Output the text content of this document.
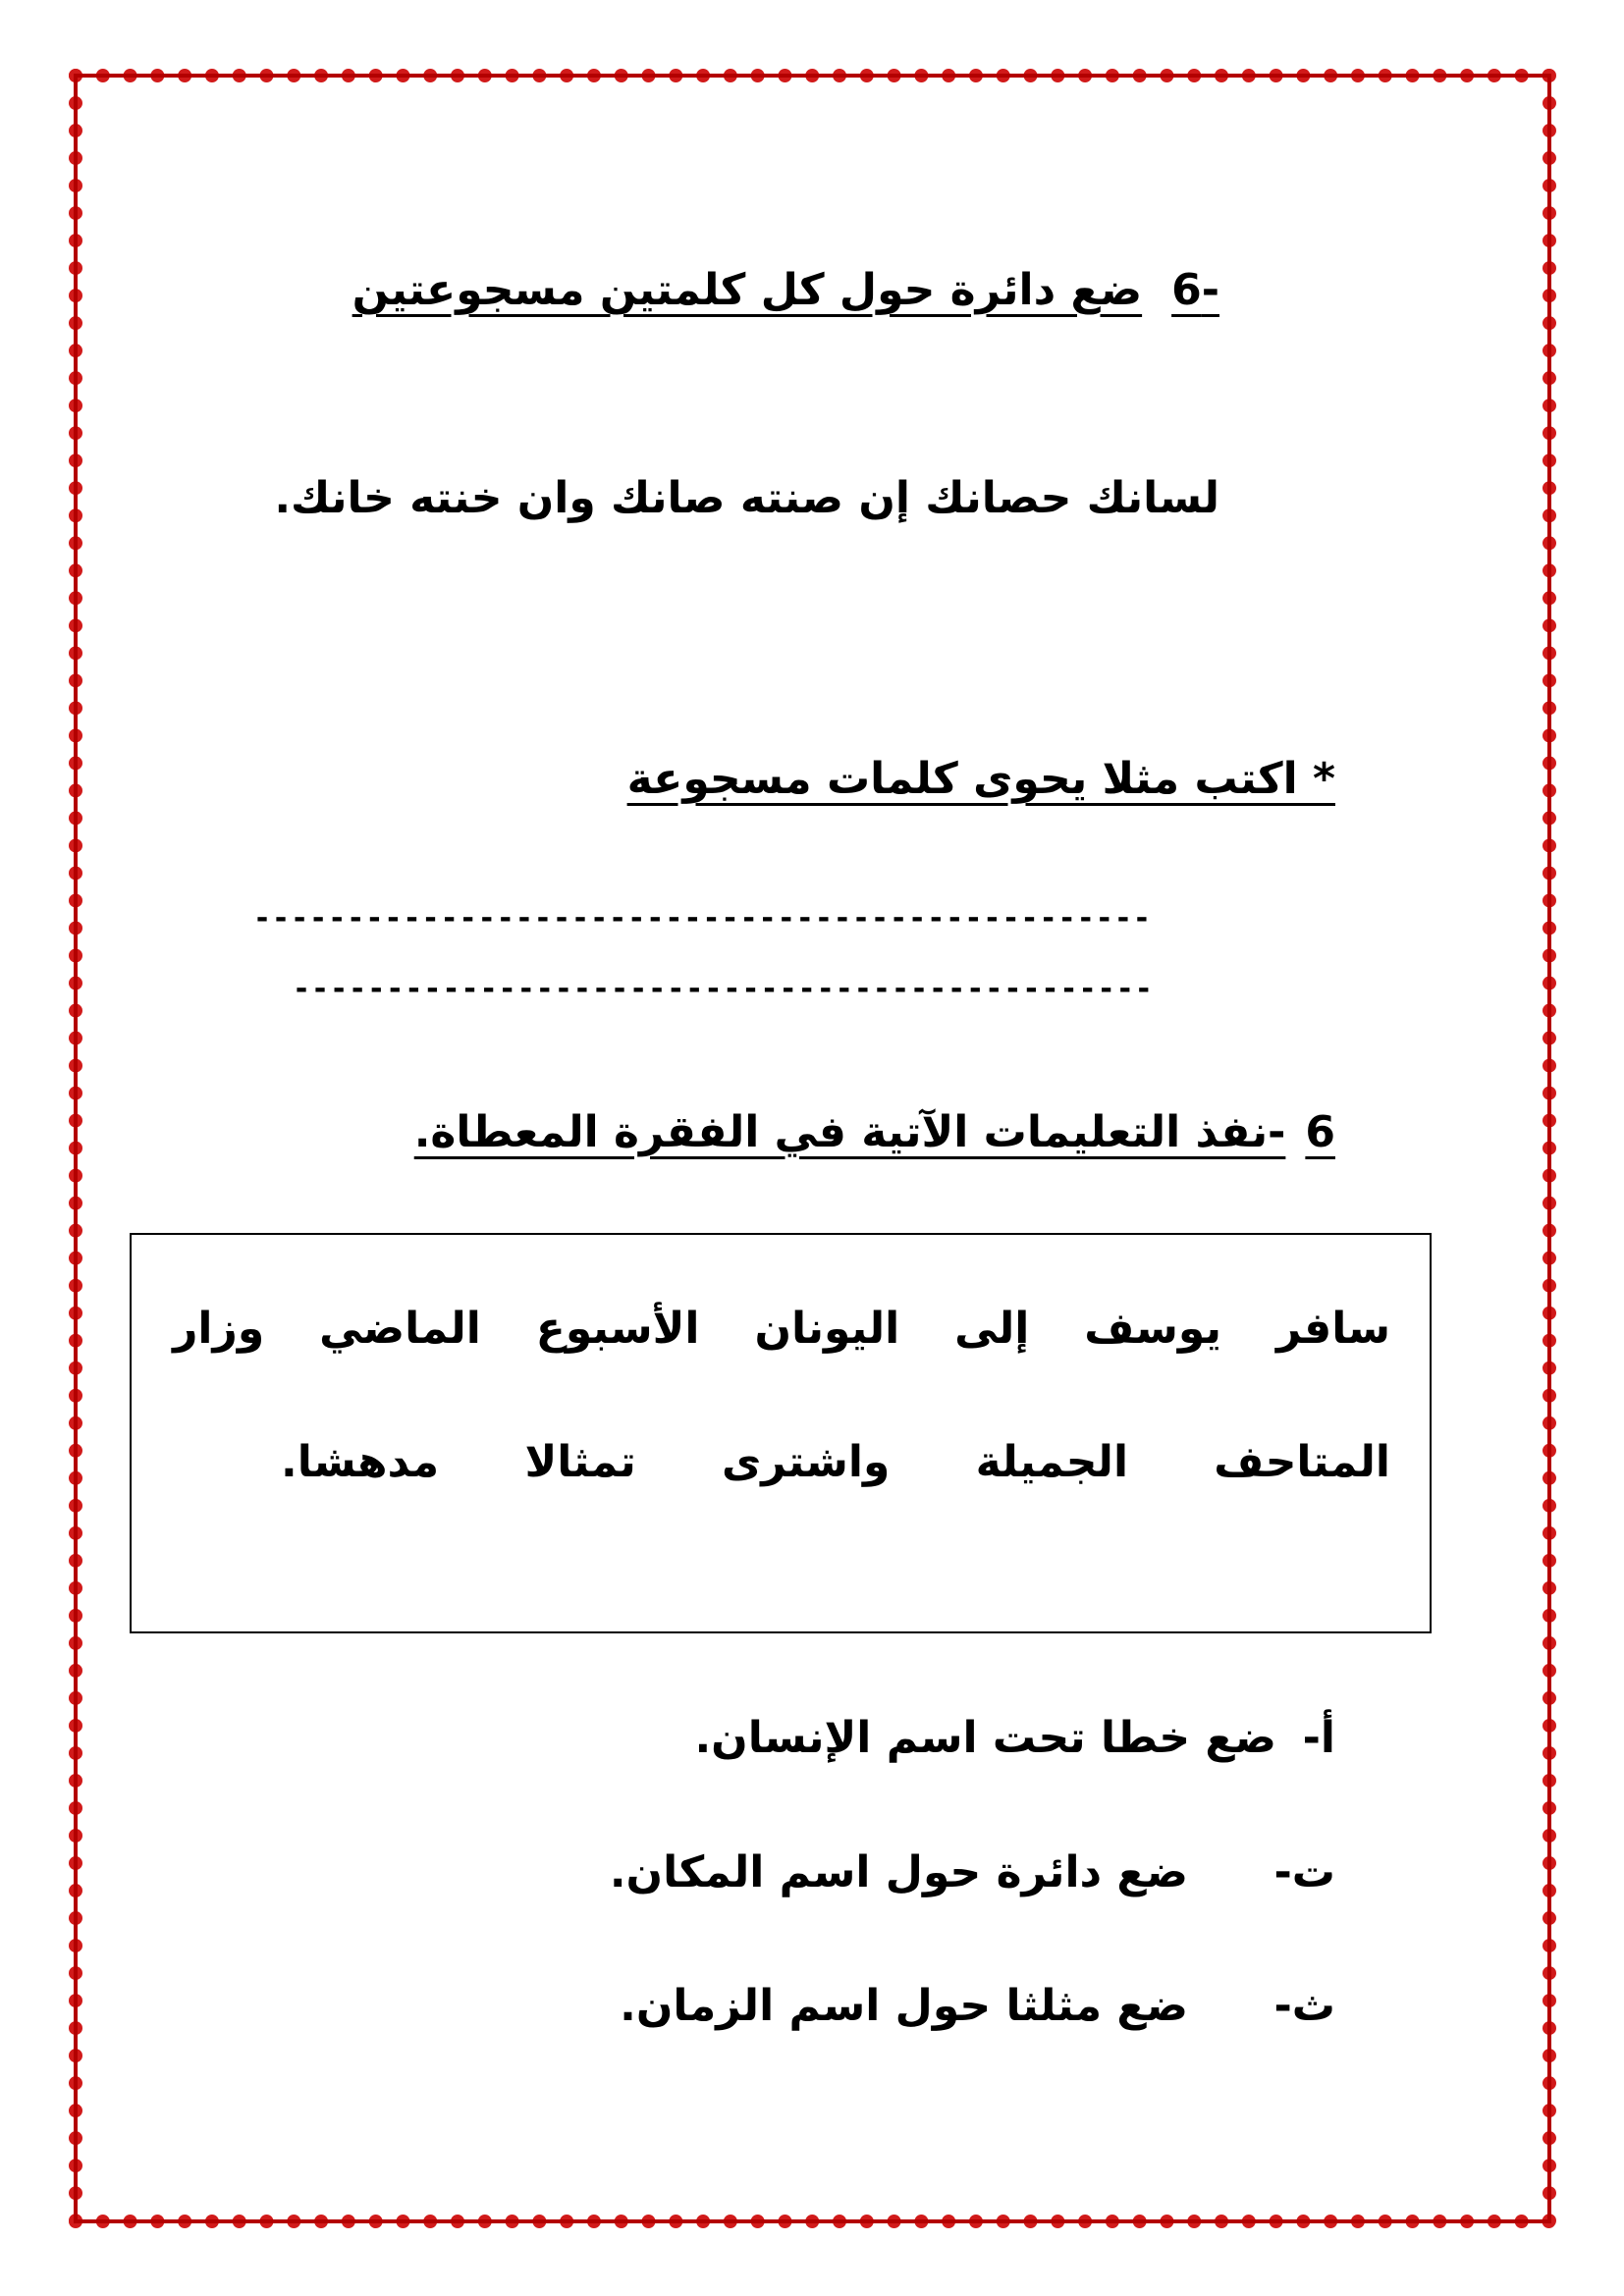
-6ضع دائرة حول كل كلمتين مسجوعتين
لسانك حصانك إن صنته صانك وان خنته خانك.
* اكتب مثلا يحوى كلمات مسجوعة
------------------------------------------------
----------------------------------------------
6-نفذ التعليمات الآتية في الفقرة المعطاة.
سافر
يوسف
إلى
اليونان
الأسبوع
الماضي
وزار
المتاحف
الجميلة
واشترى
تمثالا
مدهشا.
أ-ضع خطا تحت اسم الإنسان.
ت-ضع دائرة حول اسم المكان.
ث-ضع مثلثا حول اسم الزمان.
